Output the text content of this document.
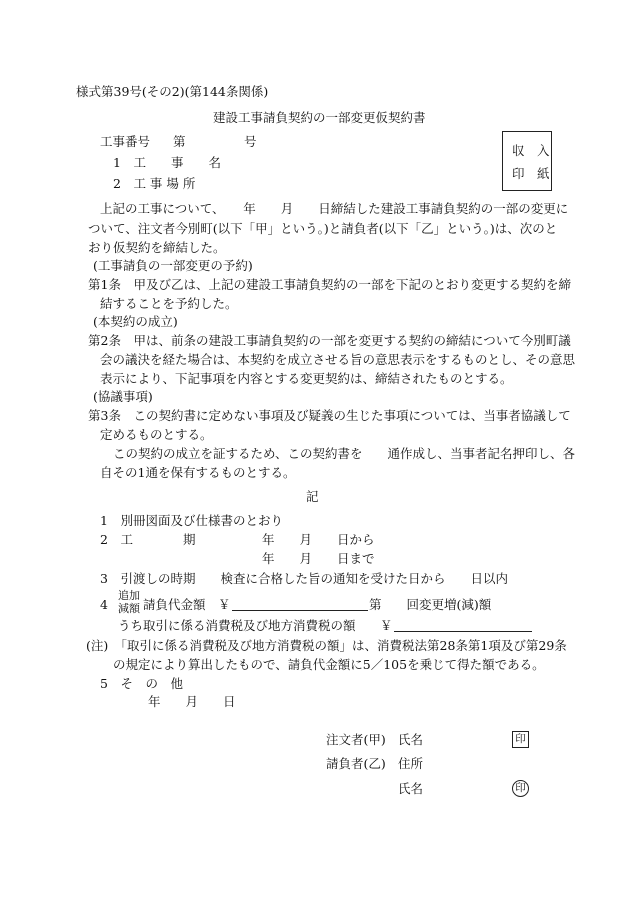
様式第39号(その2)(第144条関係)
建設工事請負契約の一部変更仮契約書
収　入
印　紙
工事番号 第	号
1　工　　事　　名
2　工 事 場 所
上記の工事について、　　年　　月　　日締結した建設工事請負契約の一部の変更に
ついて、注文者今別町(以下「甲」という。)と請負者(以下「乙」という。)は、次のと
おり仮契約を締結した。
(工事請負の一部変更の予約)
第1条　甲及び乙は、上記の建設工事請負契約の一部を下記のとおり変更する契約を締
結することを予約した。
(本契約の成立)
第2条　甲は、前条の建設工事請負契約の一部を変更する契約の締結について今別町議
会の議決を経た場合は、本契約を成立させる旨の意思表示をするものとし、その意思
表示により、下記事項を内容とする変更契約は、締結されたものとする。
(協議事項)
第3条　この契約書に定めない事項及び疑義の生じた事項については、当事者協議して
定めるものとする。
この契約の成立を証するため、この契約書を　　通作成し、当事者記名押印し、各
自その1通を保有するものとする。
記
1　別冊図面及び仕様書のとおり
2　工　　　　期	年　　月　　日から
年　　月　　日まで
3　引渡しの時期　　検査に合格した旨の通知を受けた日から　　日以内
4
追加
減額 請負代金額　￥	第　　回変更増(減)額
うち取引に係る消費税及び地方消費税の額 ￥
(注)　「取引に係る消費税及び地方消費税の額」は、消費税法第28条第1項及び第29条
の規定により算出したもので、請負代金額に5／105を乗じて得た額である。
5　そ　の　他
年　　月　　日
注文者(甲) 氏名	印
請負者(乙) 住所
氏名	印
